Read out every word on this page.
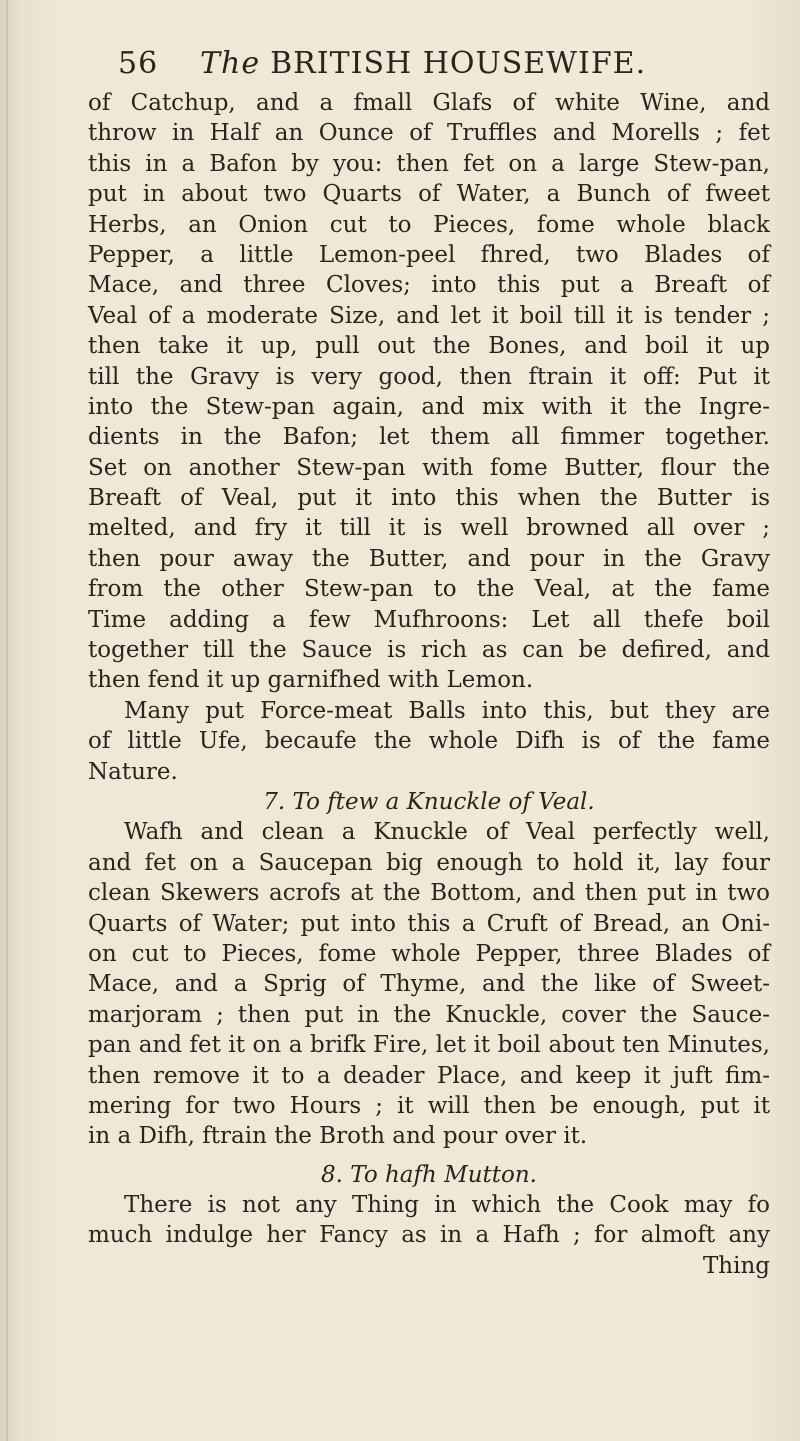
56 The BRITISH HOUSEWIFE.
of Catchup, and a fmall Glafs of white Wine, and
throw in Half an Ounce of Truffles and Morells ; fet
this in a Bafon by you: then fet on a large Stew-pan,
put in about two Quarts of Water, a Bunch of fweet
Herbs, an Onion cut to Pieces, fome whole black
Pepper, a little Lemon-peel fhred, two Blades of
Mace, and three Cloves; into this put a Breaft of
Veal of a moderate Size, and let it boil till it is tender ;
then take it up, pull out the Bones, and boil it up
till the Gravy is very good, then ftrain it off: Put it
into the Stew-pan again, and mix with it the Ingre-
dients in the Bafon; let them all fimmer together.
Set on another Stew-pan with fome Butter, flour the
Breaft of Veal, put it into this when the Butter is
melted, and fry it till it is well browned all over ;
then pour away the Butter, and pour in the Gravy
from the other Stew-pan to the Veal, at the fame
Time adding a few Mufhroons: Let all thefe boil
together till the Sauce is rich as can be defired, and
then fend it up garnifhed with Lemon.
Many put Force-meat Balls into this, but they are
of little Ufe, becaufe the whole Difh is of the fame
Nature.
7. To ftew a Knuckle of Veal.
Wafh and clean a Knuckle of Veal perfectly well,
and fet on a Saucepan big enough to hold it, lay four
clean Skewers acrofs at the Bottom, and then put in two
Quarts of Water; put into this a Cruft of Bread, an Oni-
on cut to Pieces, fome whole Pepper, three Blades of
Mace, and a Sprig of Thyme, and the like of Sweet-
marjoram ; then put in the Knuckle, cover the Sauce-
pan and fet it on a brifk Fire, let it boil about ten Minutes,
then remove it to a deader Place, and keep it juft fim-
mering for two Hours ; it will then be enough, put it
in a Difh, ftrain the Broth and pour over it.
8. To hafh Mutton.
There is not any Thing in which the Cook may fo
much indulge her Fancy as in a Hafh ; for almoft any
Thing
